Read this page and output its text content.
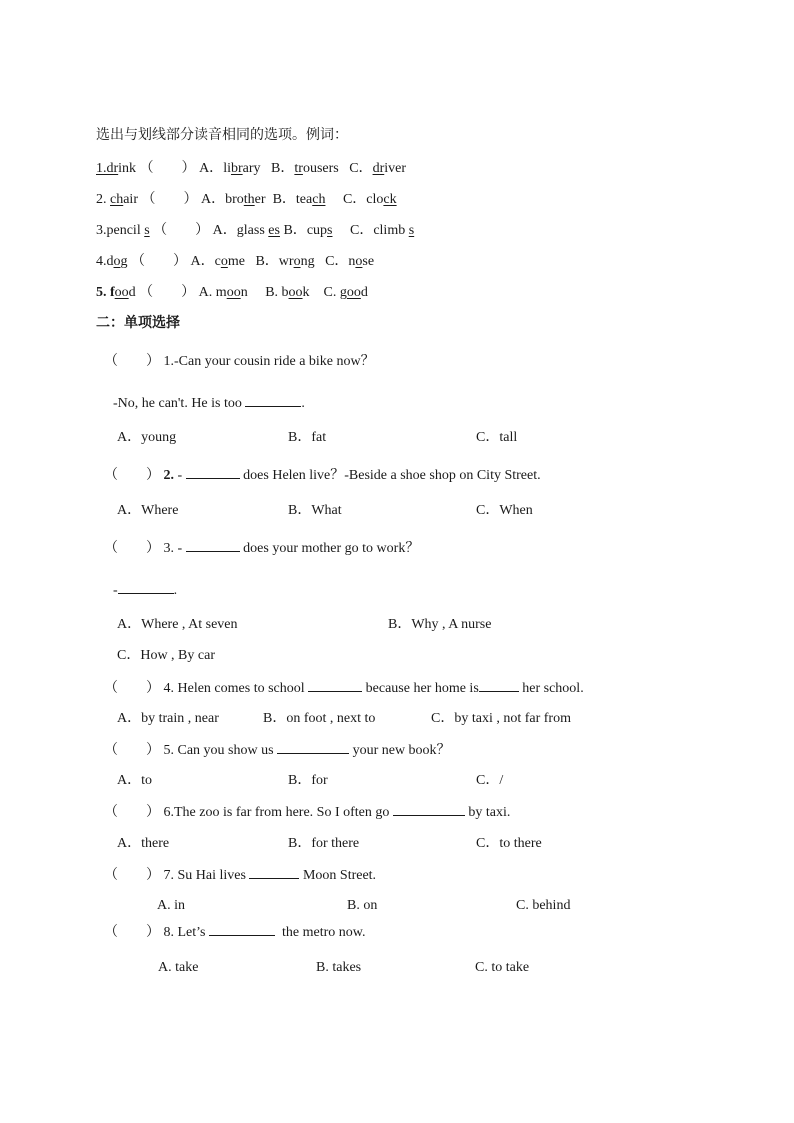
选出与划线部分读音相同的选项。例词：
1.drink （　　） A．library B．trousers C．driver
2. chair （　　） A．brother B．teach C．clock
3.pencil s （　　） A．glass es B．cups C．climb s
4.dog （　　） A．come B．wrong C．nose
5. food （　　） A. moon B. book C. good
二：单项选择
（　　） 1.-Can your cousin ride a bike now？
-No, he can't. He is too	.
A．young	B．fat	C．tall
（　　） 2. -	does Helen live？-Beside a shoe shop on City Street.
A．Where	B．What	C．When
（　　） 3. -	does your mother go to work？
-	.
A．Where , At seven	B．Why , A nurse
C．How , By car
（　　） 4. Helen comes to school	because her home is	her school.
A．by train , near	B．on foot , next to	C．by taxi , not far from
（　　） 5. Can you show us	your new book？
A．to	B．for	C．/
（　　） 6.The zoo is far from here. So I often go	by taxi.
A．there	B．for there	C．to there
（　　） 7. Su Hai lives	Moon Street.
A. in	B. on	C. behind
（　　） 8. Let’s	the metro now.
A. take	B. takes	C. to take
